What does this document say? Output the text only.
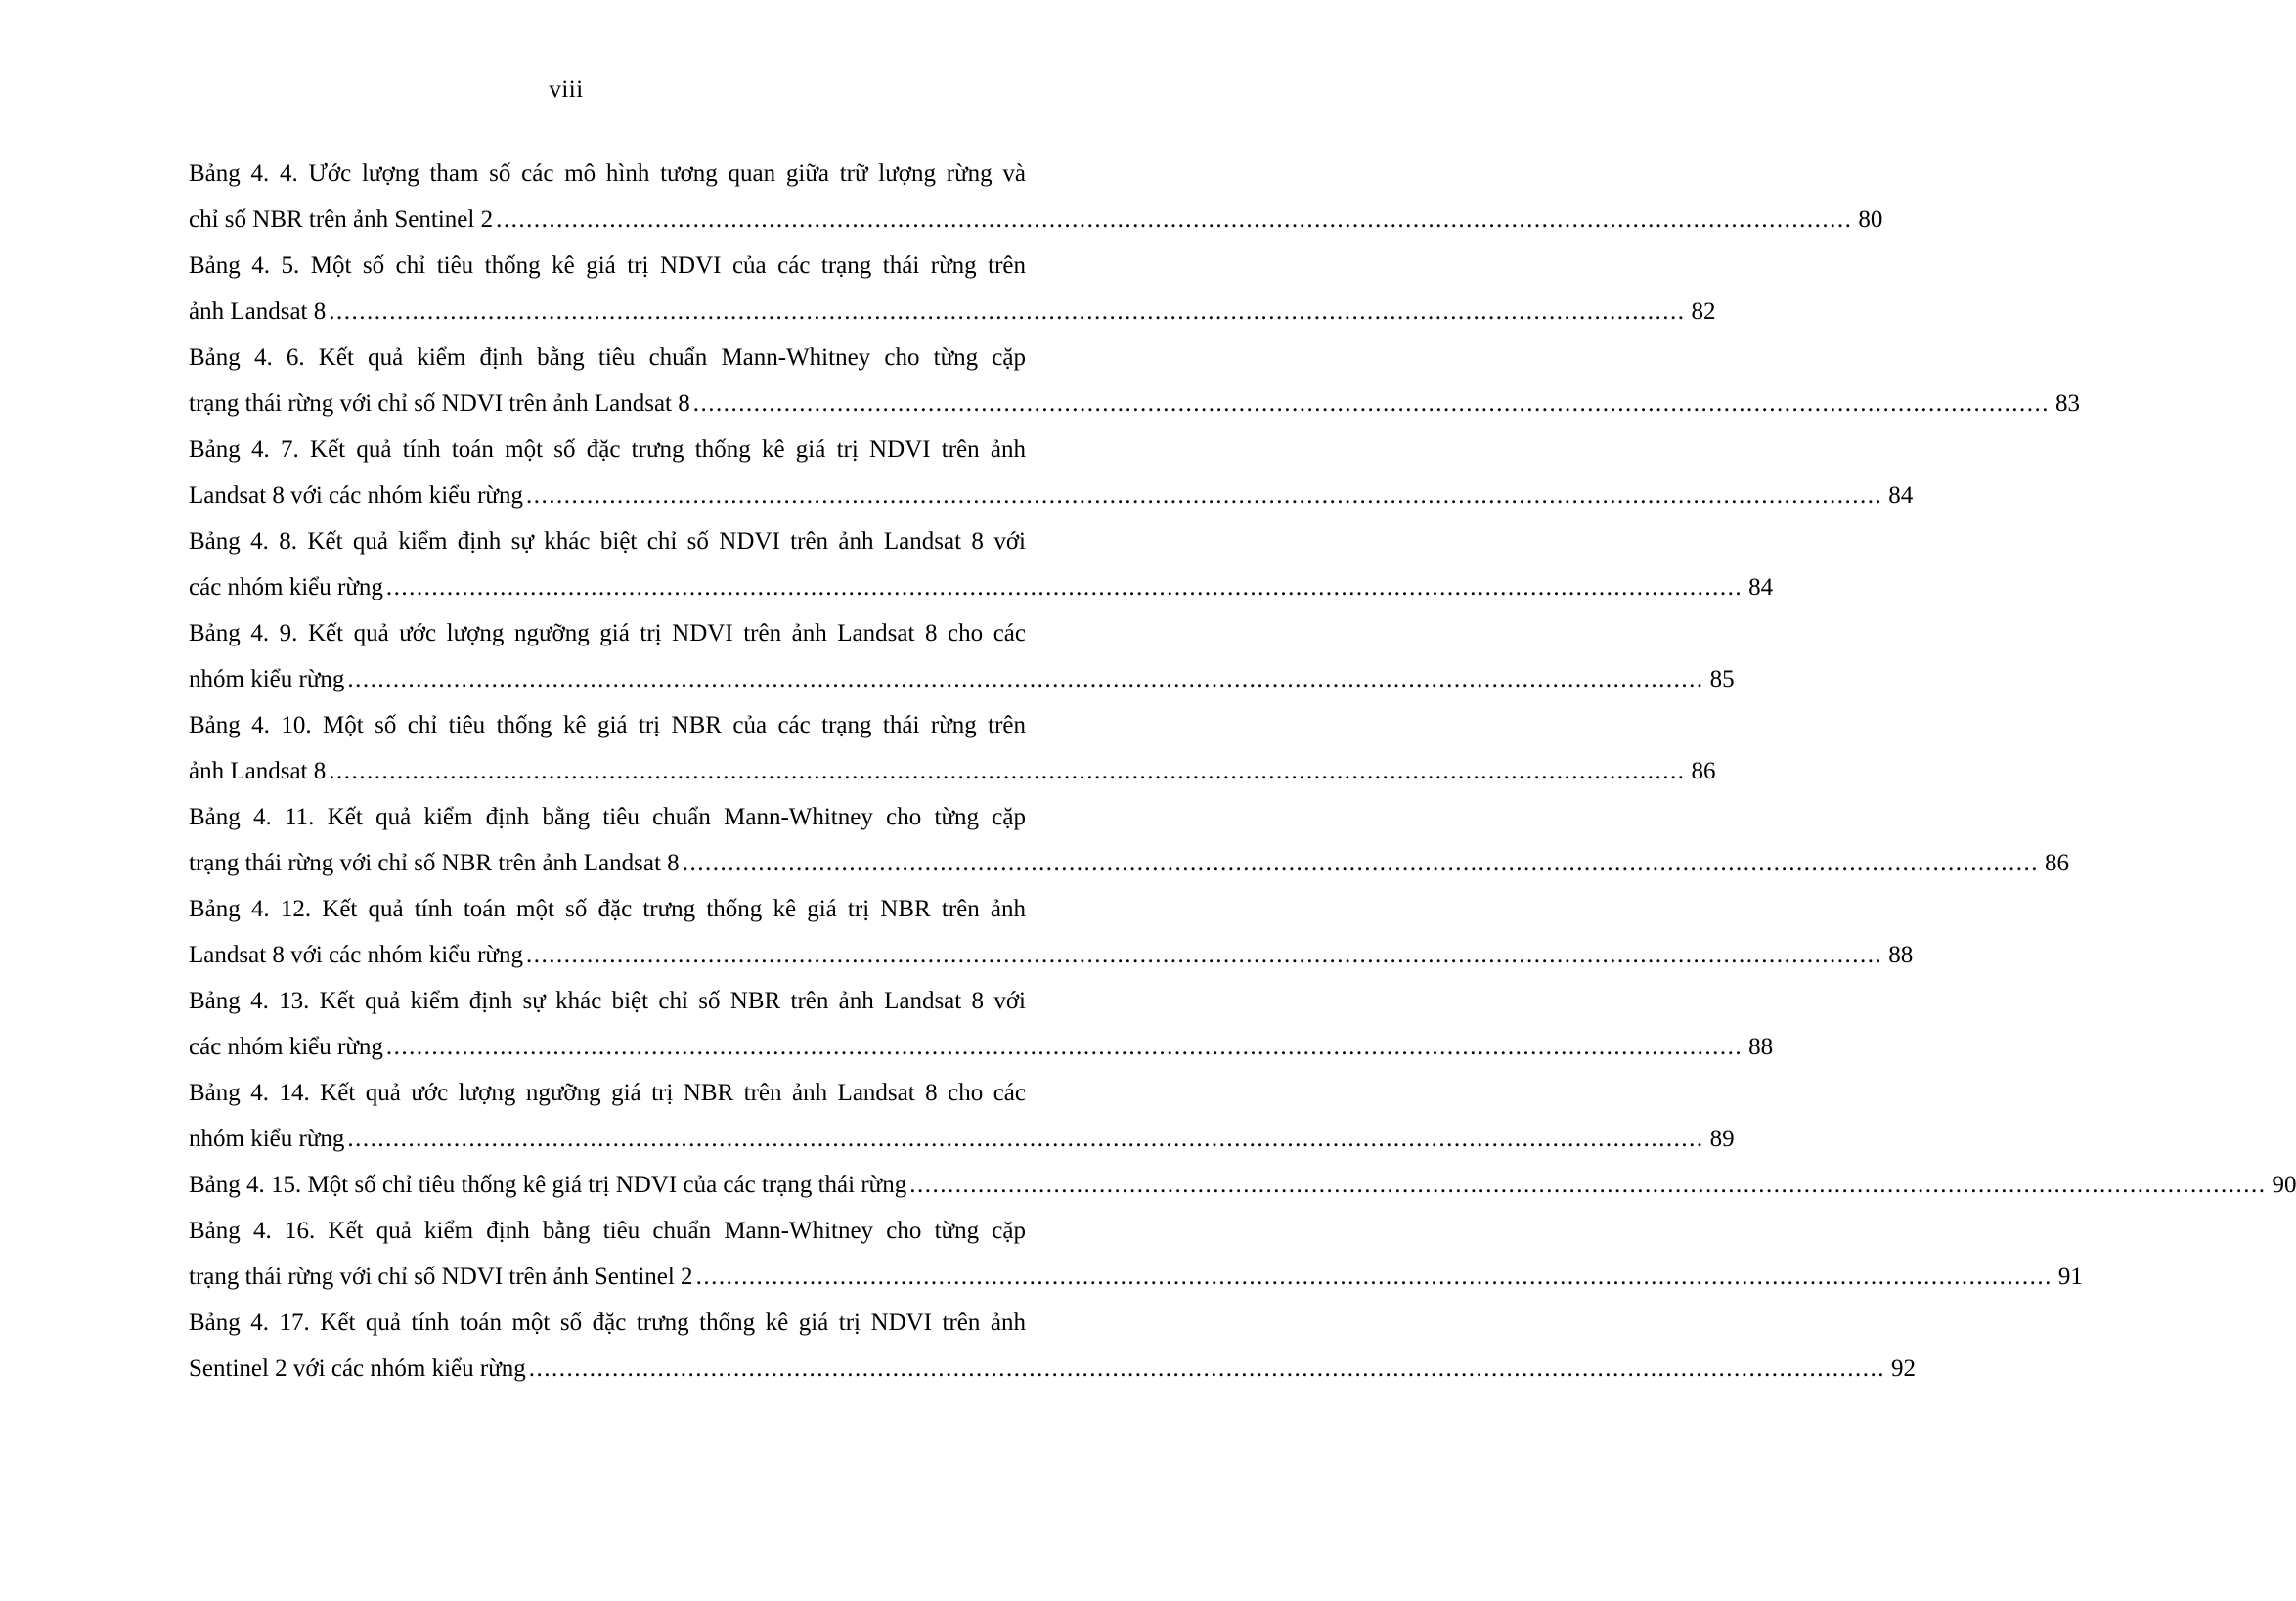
viii
Bảng 4. 4. Ước lượng tham số các mô hình tương quan giữa trữ lượng rừng và
chỉ số NBR trên ảnh Sentinel 2 ................................................................................................................................................................................... 80
Bảng 4. 5. Một số chỉ tiêu thống kê giá trị NDVI của các trạng thái rừng trên
ảnh Landsat 8 ................................................................................................................................................................................... 82
Bảng 4. 6. Kết quả kiểm định bằng tiêu chuẩn Mann-Whitney cho từng cặp
trạng thái rừng với chỉ số NDVI trên ảnh Landsat 8 ................................................................................................................................................................................... 83
Bảng 4. 7. Kết quả tính toán một số đặc trưng thống kê giá trị NDVI trên ảnh
Landsat 8 với các nhóm kiểu rừng ................................................................................................................................................................................... 84
Bảng 4. 8. Kết quả kiểm định sự khác biệt chỉ số NDVI trên ảnh Landsat 8 với
các nhóm kiểu rừng ................................................................................................................................................................................... 84
Bảng 4. 9. Kết quả ước lượng ngưỡng giá trị NDVI trên ảnh Landsat 8 cho các
nhóm kiểu rừng ................................................................................................................................................................................... 85
Bảng 4. 10. Một số chỉ tiêu thống kê giá trị NBR của các trạng thái rừng trên
ảnh Landsat 8 ................................................................................................................................................................................... 86
Bảng 4. 11. Kết quả kiểm định bằng tiêu chuẩn Mann-Whitney cho từng cặp
trạng thái rừng với chỉ số NBR trên ảnh Landsat 8 ................................................................................................................................................................................... 86
Bảng 4. 12. Kết quả tính toán một số đặc trưng thống kê giá trị NBR trên ảnh
Landsat 8 với các nhóm kiểu rừng ................................................................................................................................................................................... 88
Bảng 4. 13. Kết quả kiểm định sự khác biệt chỉ số NBR trên ảnh Landsat 8 với
các nhóm kiểu rừng ................................................................................................................................................................................... 88
Bảng 4. 14. Kết quả ước lượng ngưỡng giá trị NBR trên ảnh Landsat 8 cho các
nhóm kiểu rừng ................................................................................................................................................................................... 89
Bảng 4. 15. Một số chỉ tiêu thống kê giá trị NDVI của các trạng thái rừng ................................................................................................................................................................................... 90
Bảng 4. 16. Kết quả kiểm định bằng tiêu chuẩn Mann-Whitney cho từng cặp
trạng thái rừng với chỉ số NDVI trên ảnh Sentinel 2 ................................................................................................................................................................................... 91
Bảng 4. 17. Kết quả tính toán một số đặc trưng thống kê giá trị NDVI trên ảnh
Sentinel 2 với các nhóm kiểu rừng ................................................................................................................................................................................... 92
